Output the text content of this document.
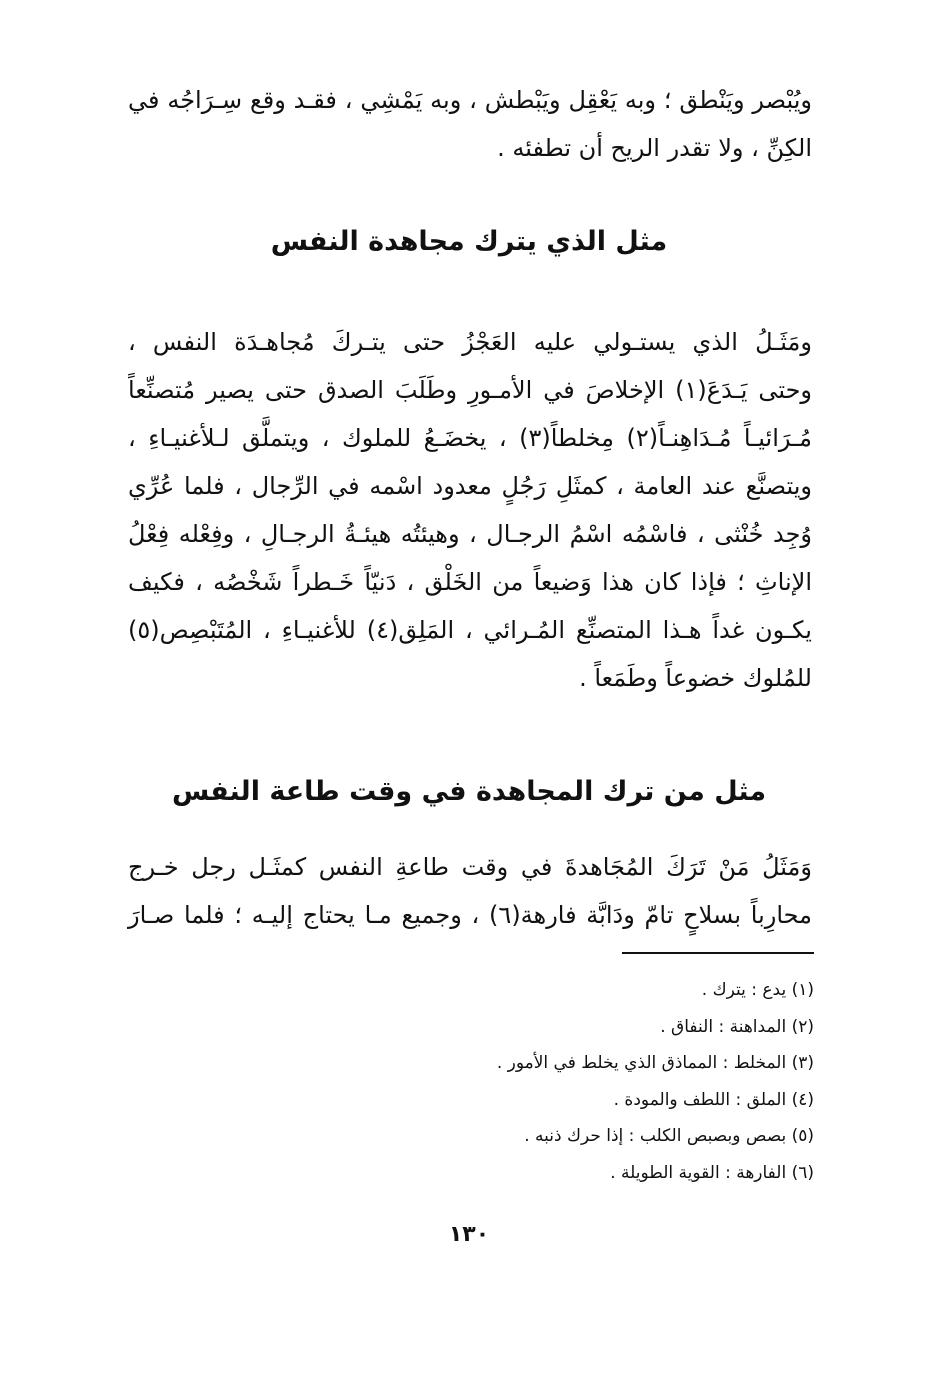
ويُبْصر ويَنْطق ؛ وبه يَعْقِل ويَبْطش ، وبه يَمْشِي ، فقـد وقع سِـرَاجُه في
الكِنِّ ، ولا تقدر الريح أن تطفئه .
مثل الذي يترك مجاهدة النفس
ومَثَـلُ الذي يستـولي عليه العَجْزُ حتى يتـركَ مُجاهـدَة النفس ،
وحتى يَـدَعَ(١) الإخلاصَ في الأمـورِ وطَلَبَ الصدق حتى يصير مُتصنِّعاً
مُـرَائيـاً مُـدَاهِنـاً(٢) مِخلطاً(٣) ، يخضَـعُ للملوك ، ويتملَّق لـلأغنيـاءِ ،
ويتصنَّع عند العامة ، كمثَلِ رَجُلٍ معدود اسْمه في الرِّجال ، فلما عُرِّي
وُجِد خُنْثى ، فاسْمُه اسْمُ الرجـال ، وهيئتُه هيئـةُ الرجـالِ ، وفِعْله فِعْلُ
الإناثِ ؛ فإذا كان هذا وَضيعاً من الخَلْق ، دَنيّاً خَـطراً شَخْصُه ، فكيف
يكـون غداً هـذا المتصنِّع المُـرائي ، المَلِق(٤) للأغنيـاءِ ، المُتَبْصِص(٥)
للمُلوك خضوعاً وطَمَعاً .
مثل من ترك المجاهدة في وقت طاعة النفس
وَمَثَلُ مَنْ تَرَكَ المُجَاهدةَ في وقت طاعةِ النفس كمثَـل رجل خـرج
محارِباً بسلاحٍ تامّ ودَابَّة فارهة(٦) ، وجميع مـا يحتاج إليـه ؛ فلما صـارَ
(١) يدع : يترك .
(٢) المداهنة : النفاق .
(٣) المخلط : المماذق الذي يخلط في الأمور .
(٤) الملق : اللطف والمودة .
(٥) بصص وبصبص الكلب : إذا حرك ذنبه .
(٦) الفارهة : القوية الطويلة .
١٣٠
